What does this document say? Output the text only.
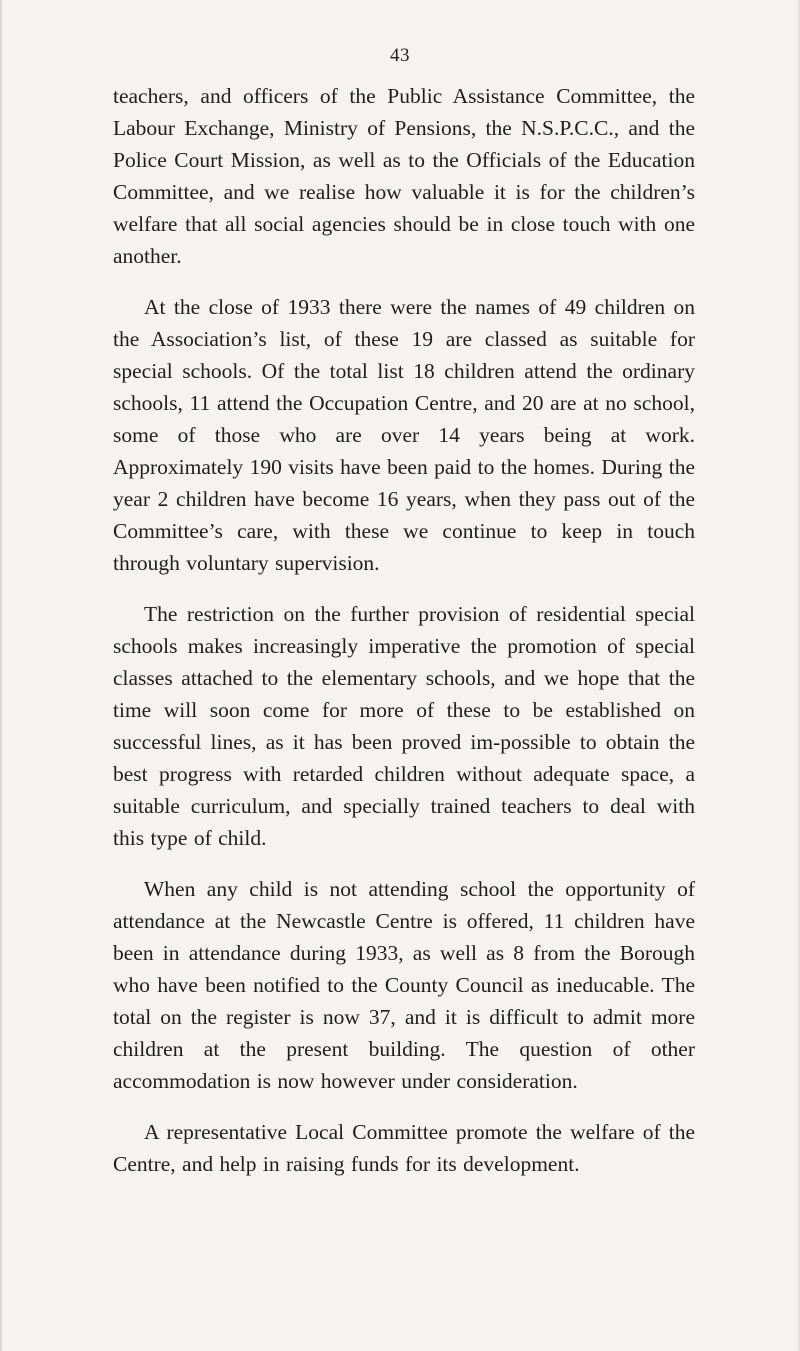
43

teachers, and officers of the Public Assistance Committee, the Labour Exchange, Ministry of Pensions, the N.S.P.C.C., and the Police Court Mission, as well as to the Officials of the Education Committee, and we realise how valuable it is for the children’s welfare that all social agencies should be in close touch with one another.

At the close of 1933 there were the names of 49 children on the Association’s list, of these 19 are classed as suitable for special schools. Of the total list 18 children attend the ordinary schools, 11 attend the Occupation Centre, and 20 are at no school, some of those who are over 14 years being at work. Approximately 190 visits have been paid to the homes. During the year 2 children have become 16 years, when they pass out of the Committee’s care, with these we continue to keep in touch through voluntary supervision.

The restriction on the further provision of residential special schools makes increasingly imperative the promotion of special classes attached to the elementary schools, and we hope that the time will soon come for more of these to be established on successful lines, as it has been proved im-possible to obtain the best progress with retarded children without adequate space, a suitable curriculum, and specially trained teachers to deal with this type of child.

When any child is not attending school the opportunity of attendance at the Newcastle Centre is offered, 11 children have been in attendance during 1933, as well as 8 from the Borough who have been notified to the County Council as ineducable. The total on the register is now 37, and it is difficult to admit more children at the present building. The question of other accommodation is now however under consideration.

A representative Local Committee promote the welfare of the Centre, and help in raising funds for its development.
